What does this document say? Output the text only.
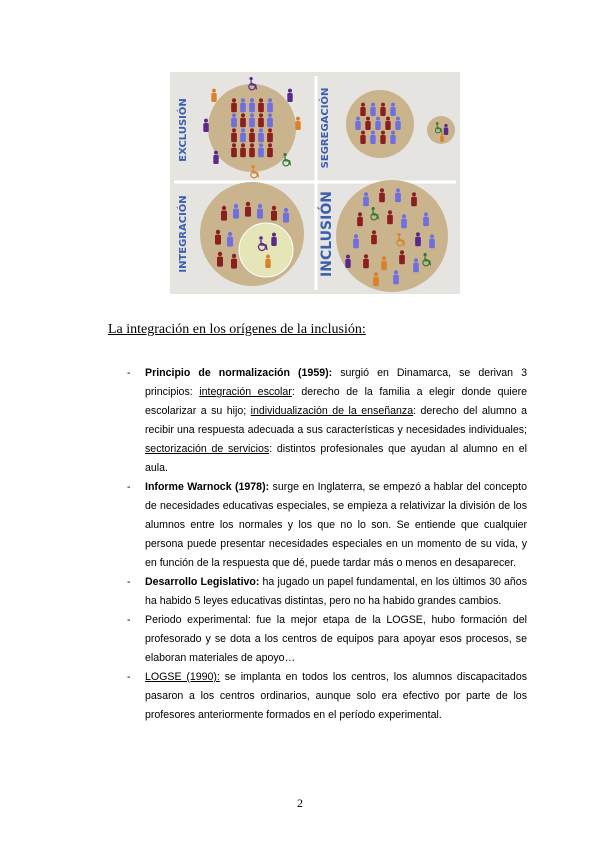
EXCLUSIÓN	SEGREGACIÓN
INTEGRACIÓN	INCLUSIÓN
La integración en los orígenes de la inclusión:
- Principio de normalización (1959): surgió en Dinamarca, se derivan 3 principios: integración escolar: derecho de la familia a elegir donde quiere escolarizar a su hijo; individualización de la enseñanza: derecho del alumno a recibir una respuesta adecuada a sus características y necesidades individuales; sectorización de servicios: distintos profesionales que ayudan al alumno en el aula.
- Informe Warnock (1978): surge en Inglaterra, se empezó a hablar del concepto de necesidades educativas especiales, se empieza a relativizar la división de los alumnos entre los normales y los que no lo son. Se entiende que cualquier persona puede presentar necesidades especiales en un momento de su vida, y en función de la respuesta que dé, puede tardar más o menos en desaparecer.
- Desarrollo Legislativo: ha jugado un papel fundamental, en los últimos 30 años ha habido 5 leyes educativas distintas, pero no ha habido grandes cambios.
- Periodo experimental: fue la mejor etapa de la LOGSE, hubo formación del profesorado y se dota a los centros de equipos para apoyar esos procesos, se elaboran materiales de apoyo…
- LOGSE (1990): se implanta en todos los centros, los alumnos discapacitados pasaron a los centros ordinarios, aunque solo era efectivo por parte de los profesores anteriormente formados en el período experimental.
2
